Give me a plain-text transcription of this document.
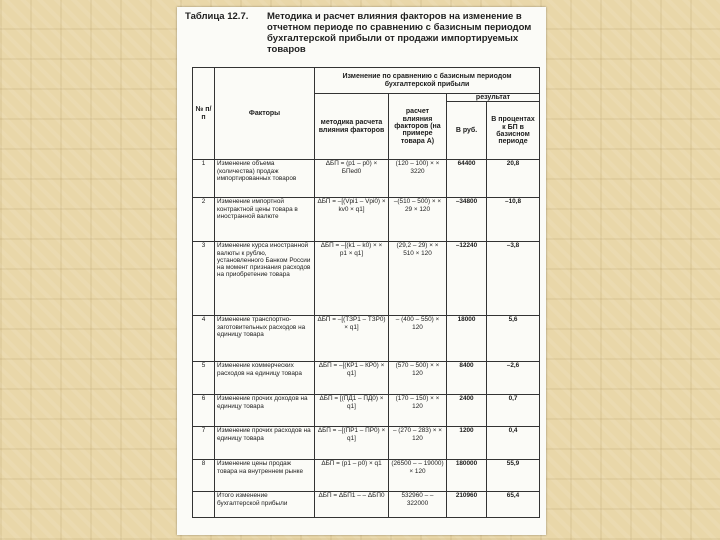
Таблица 12.7. Методика и расчет влияния факторов на изменение в отчетном периоде по сравнению с базисным периодом бухгалтерской прибыли от продажи импортируемых товаров
№ п/п	Факторы	Изменение по сравнению с базисным периодом бухгалтерской прибыли			
		методика расчета влияния факторов	расчет влияния факторов (на примере товара А)	результат	
				В руб.	В процентах к БП в базисном периоде
1	Изменение объема (количества) продаж импортированных товаров	ΔБП = (р1 – р0) × БПed0	(120 – 100) × × 3220	64400	20,8
2	Изменение импортной контрактной цены товара в иностранной валюте	ΔБП = –[(Vpi1 – Vpi0) × kv0 × q1]	–(510 – 500) × × 29 × 120	–34800	–10,8
3	Изменение курса иностранной валюты к рублю, установленного Банком России на момент признания расходов на приобретение товара	ΔБП = –[(k1 – k0) × × р1 × q1]	(29,2 – 29) × × 510 × 120	–12240	–3,8
4	Изменение транспортно-заготовительных расходов на единицу товара	ΔБП = –[(ТЗР1 – ТЗР0) × q1]	– (400 – 550) × 120	18000	5,6
5	Изменение коммерческих расходов на единицу товара	ΔБП = –[(КР1 – КР0) × q1]	(570 – 500) × × 120	8400	–2,6
6	Изменение прочих доходов на единицу товара	ΔБП = [(ПД1 – ПД0) × q1]	(170 – 150) × × 120	2400	0,7
7	Изменение прочих расходов на единицу товара	ΔБП = –[(ПР1 – ПР0) × q1]	– (270 – 283) × × 120	1200	0,4
8	Изменение цены продаж товара на внутреннем рынке	ΔБП = (р1 – р0) × q1	(26500 – – 19000) × 120	180000	55,9
	Итого изменение бухгалтерской прибыли	ΔБП = ΔБП1 – – ΔБП0	532960 – – 322000	210960	65,4
